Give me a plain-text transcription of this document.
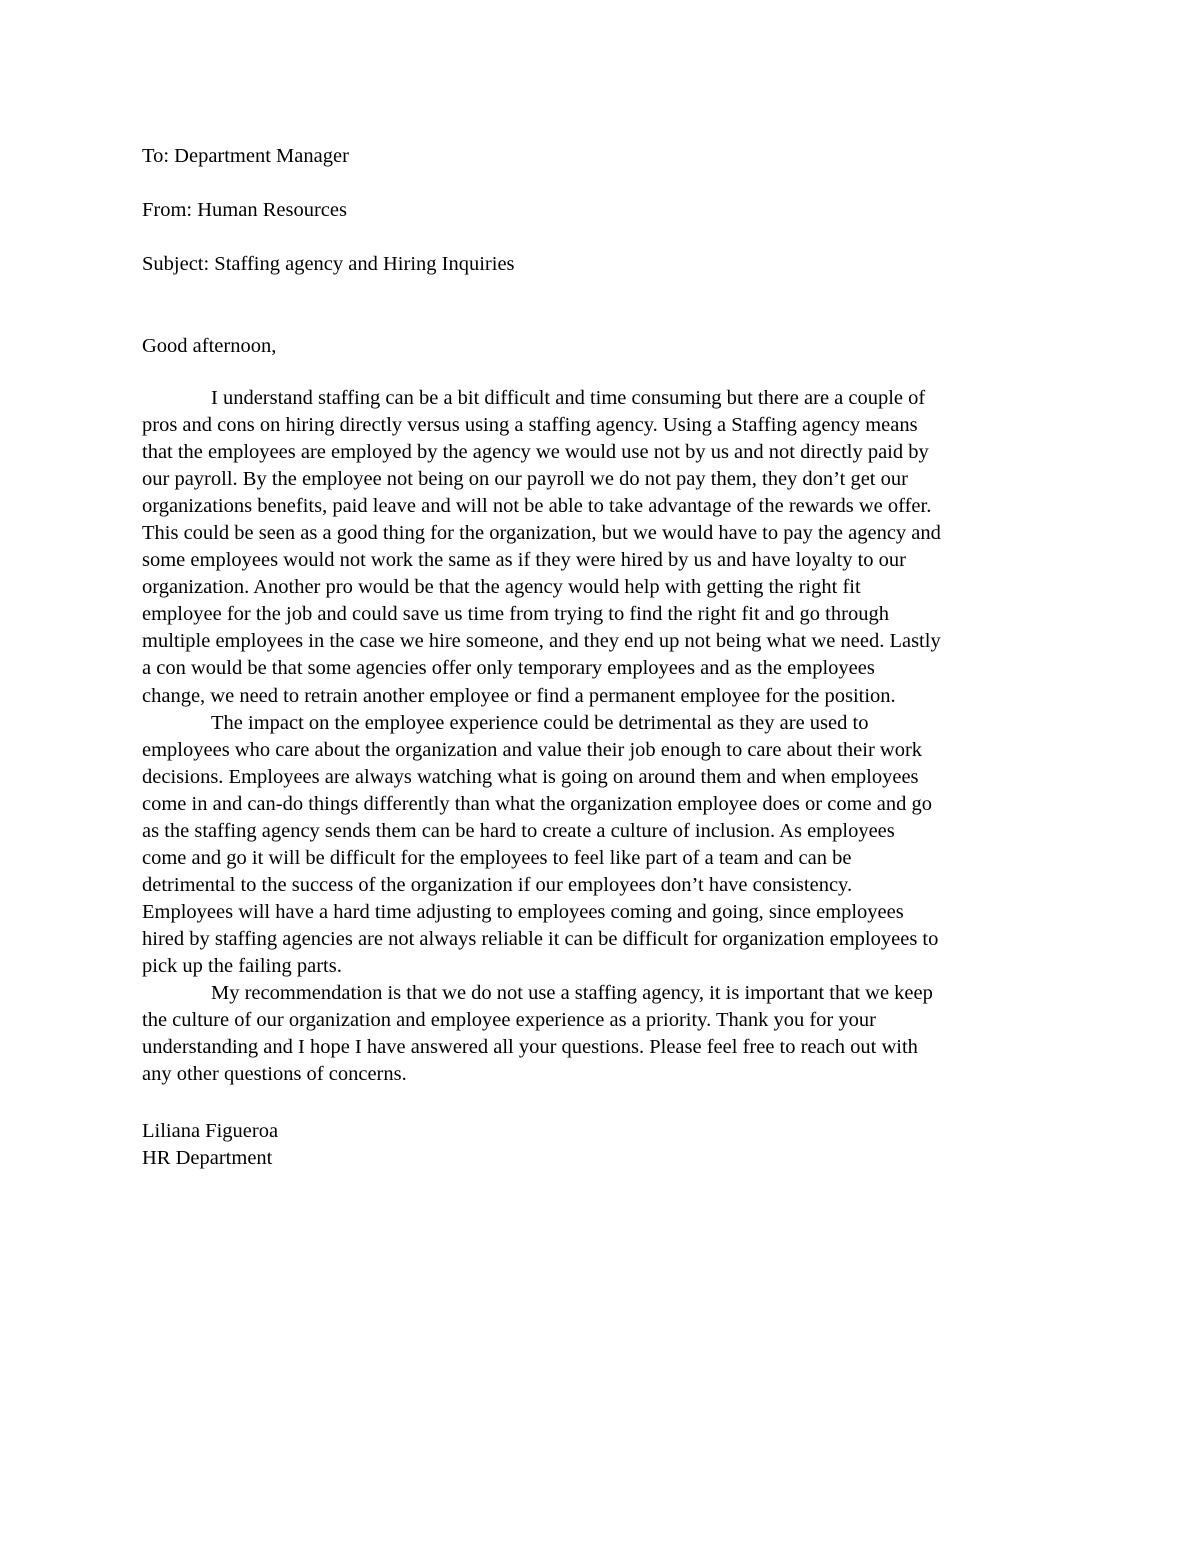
To: Department Manager
From: Human Resources
Subject: Staffing agency and Hiring Inquiries
Good afternoon,
I understand staffing can be a bit difficult and time consuming but there are a couple of
pros and cons on hiring directly versus using a staffing agency. Using a Staffing agency means
that the employees are employed by the agency we would use not by us and not directly paid by
our payroll. By the employee not being on our payroll we do not pay them, they don’t get our
organizations benefits, paid leave and will not be able to take advantage of the rewards we offer.
This could be seen as a good thing for the organization, but we would have to pay the agency and
some employees would not work the same as if they were hired by us and have loyalty to our
organization. Another pro would be that the agency would help with getting the right fit
employee for the job and could save us time from trying to find the right fit and go through
multiple employees in the case we hire someone, and they end up not being what we need. Lastly
a con would be that some agencies offer only temporary employees and as the employees
change, we need to retrain another employee or find a permanent employee for the position.
The impact on the employee experience could be detrimental as they are used to
employees who care about the organization and value their job enough to care about their work
decisions. Employees are always watching what is going on around them and when employees
come in and can-do things differently than what the organization employee does or come and go
as the staffing agency sends them can be hard to create a culture of inclusion. As employees
come and go it will be difficult for the employees to feel like part of a team and can be
detrimental to the success of the organization if our employees don’t have consistency.
Employees will have a hard time adjusting to employees coming and going, since employees
hired by staffing agencies are not always reliable it can be difficult for organization employees to
pick up the failing parts.
My recommendation is that we do not use a staffing agency, it is important that we keep
the culture of our organization and employee experience as a priority. Thank you for your
understanding and I hope I have answered all your questions. Please feel free to reach out with
any other questions of concerns.
Liliana Figueroa
HR Department
